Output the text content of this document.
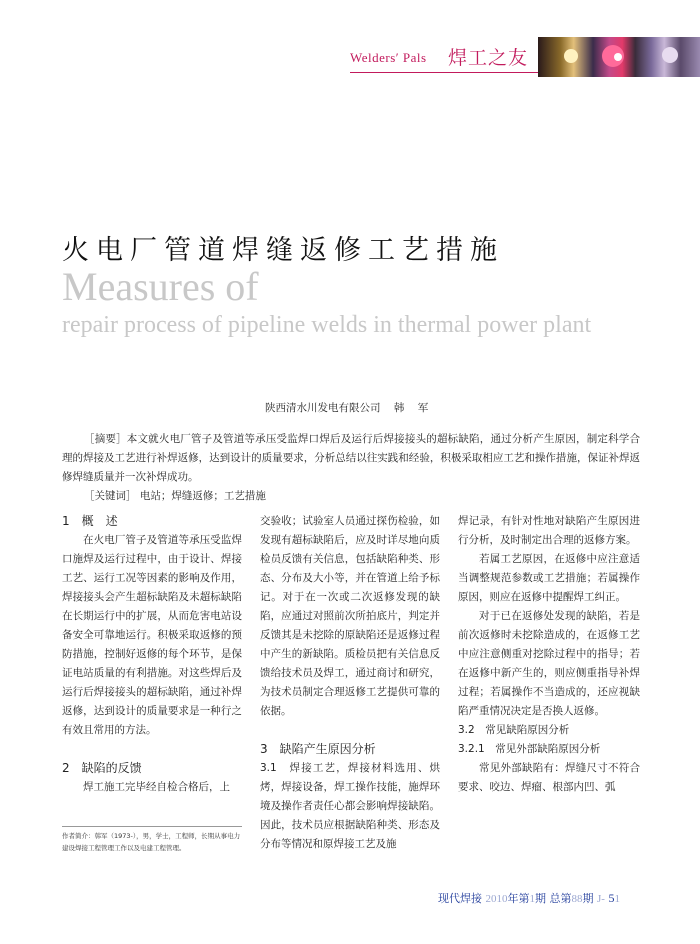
Welders′ Pals 焊工之友
火电厂管道焊缝返修工艺措施
Measures of
repair process of pipeline welds in thermal power plant
陕西清水川发电有限公司    韩    军
［摘要］本文就火电厂管子及管道等承压受监焊口焊后及运行后焊接接头的超标缺陷，通过分析产生原因，制定科学合理的焊接及工艺进行补焊返修，达到设计的质量要求，分析总结以往实践和经验，积极采取相应工艺和操作措施，保证补焊返修焊缝质量并一次补焊成功。
［关键词］ 电站；焊缝返修；工艺措施

1　概　述

在火电厂管子及管道等承压受监焊口施焊及运行过程中，由于设计、焊接工艺、运行工况等因素的影响及作用，焊接接头会产生超标缺陷及未超标缺陷在长期运行中的扩展，从而危害电站设备安全可靠地运行。积极采取返修的预防措施，控制好返修的每个环节，是保证电站质量的有利措施。对这些焊后及运行后焊接接头的超标缺陷，通过补焊返修，达到设计的质量要求是一种行之有效且常用的方法。

2　缺陷的反馈

焊工施工完毕经自检合格后，上

作者简介：韩军（1973-），男，学士，工程师，长期从事电力建设焊接工程管理工作以及电建工程管理。

交验收；试验室人员通过探伤检验，如发现有超标缺陷后，应及时详尽地向质检员反馈有关信息，包括缺陷种类、形态、分布及大小等，并在管道上给予标记。对于在一次或二次返修发现的缺陷，应通过对照前次所拍底片，判定并反馈其是未挖除的原缺陷还是返修过程中产生的新缺陷。质检员把有关信息反馈给技术员及焊工，通过商讨和研究，为技术员制定合理返修工艺提供可靠的依据。

3　缺陷产生原因分析

3.1　焊接工艺，焊接材料选用、烘烤，焊接设备，焊工操作技能，施焊环境及操作者责任心都会影响焊接缺陷。因此，技术员应根据缺陷种类、形态及分布等情况和原焊接工艺及施

焊记录，有针对性地对缺陷产生原因进行分析，及时制定出合理的返修方案。

若属工艺原因，在返修中应注意适当调整规范参数或工艺措施；若属操作原因，则应在返修中提醒焊工纠正。

对于已在返修处发现的缺陷，若是前次返修时未挖除造成的，在返修工艺中应注意侧重对挖除过程中的指导；若在返修中新产生的，则应侧重指导补焊过程；若属操作不当造成的，还应视缺陷严重情况决定是否换人返修。

3.2　常见缺陷原因分析

3.2.1　常见外部缺陷原因分析

常见外部缺陷有：焊缝尺寸不符合要求、咬边、焊瘤、根部内凹、弧

现代焊接 2010年第1期 总第88期 J- 51
